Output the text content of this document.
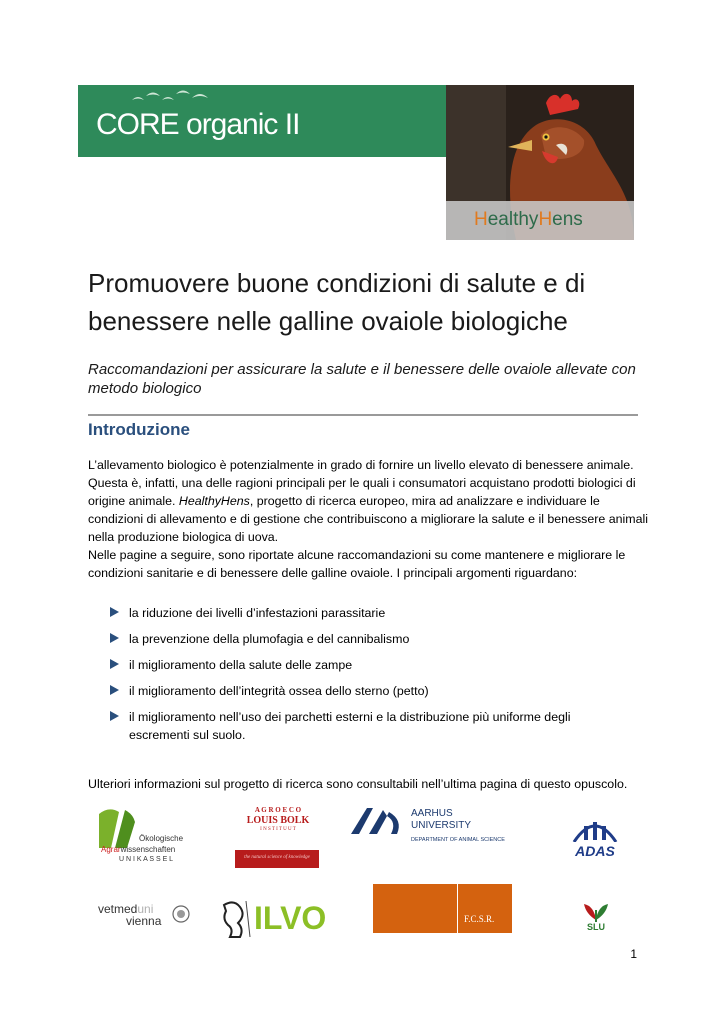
CORE organic II
HealthyHens
Promuovere buone condizioni di salute e di
benessere nelle galline ovaiole biologiche
Raccomandazioni per assicurare la salute e il benessere delle ovaiole allevate con metodo biologico
Introduzione
L’allevamento biologico è potenzialmente in grado di fornire un livello elevato di benessere animale. Questa è, infatti, una delle ragioni principali per le quali i consumatori acquistano prodotti biologici di origine animale. HealthyHens, progetto di ricerca europeo, mira ad analizzare e individuare le condizioni di allevamento e di gestione che contribuiscono a migliorare la salute e il benessere animali nella produzione biologica di uova.
Nelle pagine a seguire, sono riportate alcune raccomandazioni su come mantenere e migliorare le condizioni sanitarie e di benessere delle galline ovaiole. I principali argomenti riguardano:
la riduzione dei livelli d’infestazioni parassitarie
la prevenzione della plumofagia e del cannibalismo
il miglioramento della salute delle zampe
il miglioramento dell’integrità ossea dello sterno (petto)
il miglioramento nell’uso dei parchetti esterni e la distribuzione più uniforme degli escrementi sul suolo.
Ulteriori informazioni sul progetto di ricerca sono consultabili nell’ultima pagina di questo opuscolo.
Ökologische
Agrarwissenschaften
U N I K A S S E L
A G R O E C O
LOUIS BOLK
I N S T I T U U T
the natural science of knowledge
AARHUS
UNIVERSITY
DEPARTMENT OF ANIMAL SCIENCE
ADAS
vetmeduni
vienna	ILVO	F.C.S.R.
SLU
1
